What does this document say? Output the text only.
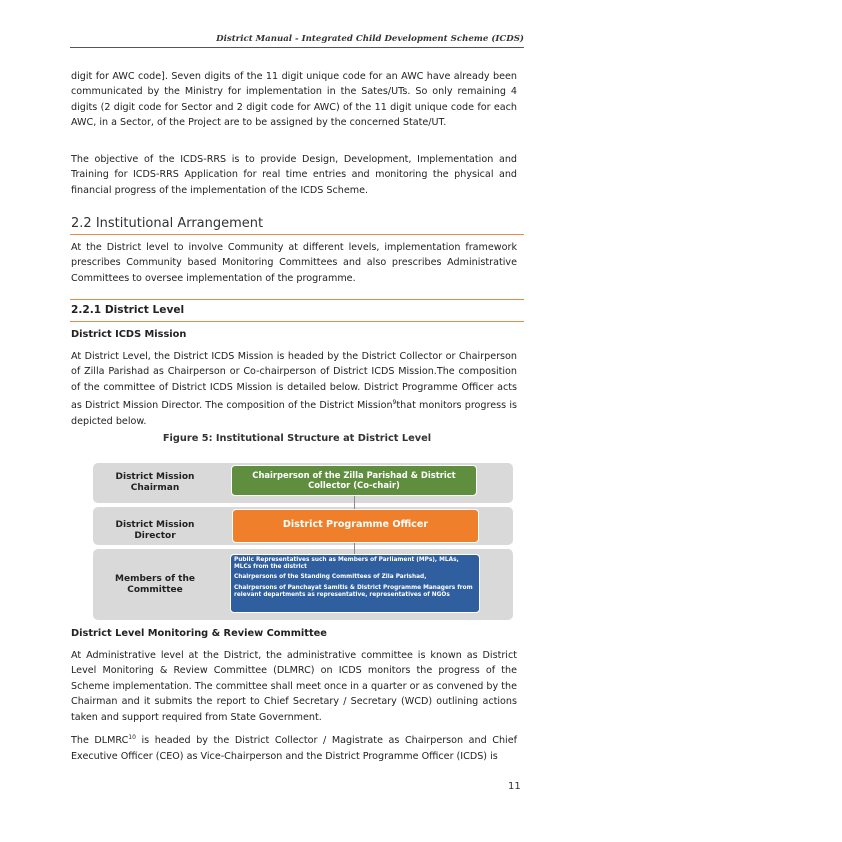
District Manual - Integrated Child Development Scheme (ICDS)
digit for AWC code]. Seven digits of the 11 digit unique code for an AWC have already been communicated by the Ministry for implementation in the Sates/UTs. So only remaining 4 digits (2 digit code for Sector and 2 digit code for AWC) of the 11 digit unique code for each AWC, in a Sector, of the Project are to be assigned by the concerned State/UT.
The objective of the ICDS-RRS is to provide Design, Development, Implementation and Training for ICDS-RRS Application for real time entries and monitoring the physical and financial progress of the implementation of the ICDS Scheme.
2.2 Institutional Arrangement
At the District level to involve Community at different levels, implementation framework prescribes Community based Monitoring Committees and also prescribes Administrative Committees to oversee implementation of the programme.
2.2.1 District Level
District ICDS Mission
At District Level, the District ICDS Mission is headed by the District Collector or Chairperson of Zilla Parishad as Chairperson or Co-chairperson of District ICDS Mission.The composition of the committee of District ICDS Mission is detailed below. District Programme Officer acts as District Mission Director. The composition of the District Mission$^9$that monitors progress is depicted below.
Figure 5: Institutional Structure at District Level
District Mission Chairman
District Mission Director
Members of the Committee
Chairperson of the Zilla Parishad & District Collector (Co-chair)
District Programme Officer
Public Representatives such as Members of Parliament (MPs), MLAs, MLCs from the district
Chairpersons of the Standing Committees of Zila Parishad,
Chairpersons of Panchayat Samitis & District Programme Managers from relevant departments as representative, representatives of NGOs
District Level Monitoring & Review Committee
At Administrative level at the District, the administrative committee is known as District Level Monitoring & Review Committee (DLMRC) on ICDS monitors the progress of the Scheme implementation. The committee shall meet once in a quarter or as convened by the Chairman and it submits the report to Chief Secretary / Secretary (WCD) outlining actions taken and support required from State Government.
The DLMRC$^{10}$ is headed by the District Collector / Magistrate as Chairperson and Chief Executive Officer (CEO) as Vice-Chairperson and the District Programme Officer (ICDS) is
11
